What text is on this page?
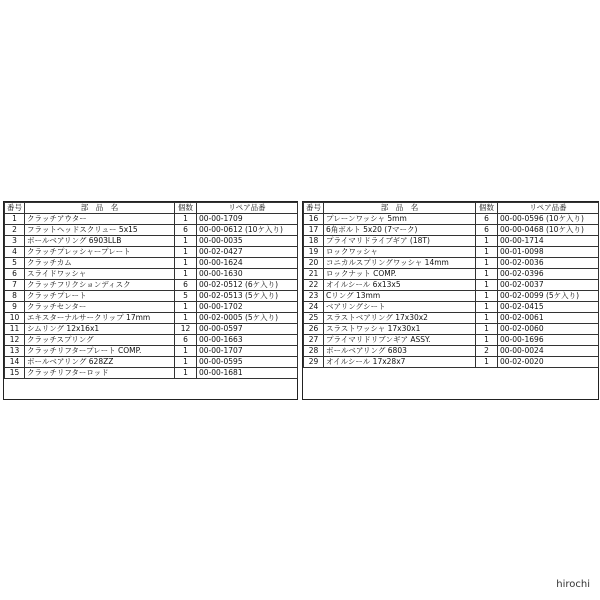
番号	部　品　名	個数	リペア品番
1	クラッチアウター	1	00-00-1709
2	フラットヘッドスクリュー 5x15	6	00-00-0612 (10ケ入り)
3	ボールベアリング 6903LLB	1	00-00-0035
4	クラッチプレッシャープレート	1	00-02-0427
5	クラッチカム	1	00-00-1624
6	スライドワッシャ	1	00-00-1630
7	クラッチフリクションディスク	6	00-02-0512 (6ケ入り)
8	クラッチプレート	5	00-02-0513 (5ケ入り)
9	クラッチセンター	1	00-00-1702
10	エキスターナルサークリップ 17mm	1	00-02-0005 (5ケ入り)
11	シムリング 12x16x1	12	00-00-0597
12	クラッチスプリング	6	00-00-1663
13	クラッチリフタープレート COMP.	1	00-00-1707
14	ボールベアリング 628ZZ	1	00-00-0595
15	クラッチリフターロッド	1	00-00-1681
番号	部　品　名	個数	リペア品番
16	プレーンワッシャ 5mm	6	00-00-0596 (10ケ入り)
17	6角ボルト 5x20 (7マーク)	6	00-00-0468 (10ケ入り)
18	プライマリドライブギア (18T)	1	00-00-1714
19	ロックワッシャ	1	00-01-0098
20	コニカルスプリングワッシャ 14mm	1	00-02-0036
21	ロックナット COMP.	1	00-02-0396
22	オイルシール 6x13x5	1	00-02-0037
23	Cリング 13mm	1	00-02-0099 (5ケ入り)
24	ベアリングシート	1	00-02-0415
25	スラストベアリング 17x30x2	1	00-02-0061
26	スラストワッシャ 17x30x1	1	00-02-0060
27	プライマリドリブンギア ASSY.	1	00-00-1696
28	ボールベアリング 6803	2	00-00-0024
29	オイルシール 17x28x7	1	00-02-0020
hirochi
